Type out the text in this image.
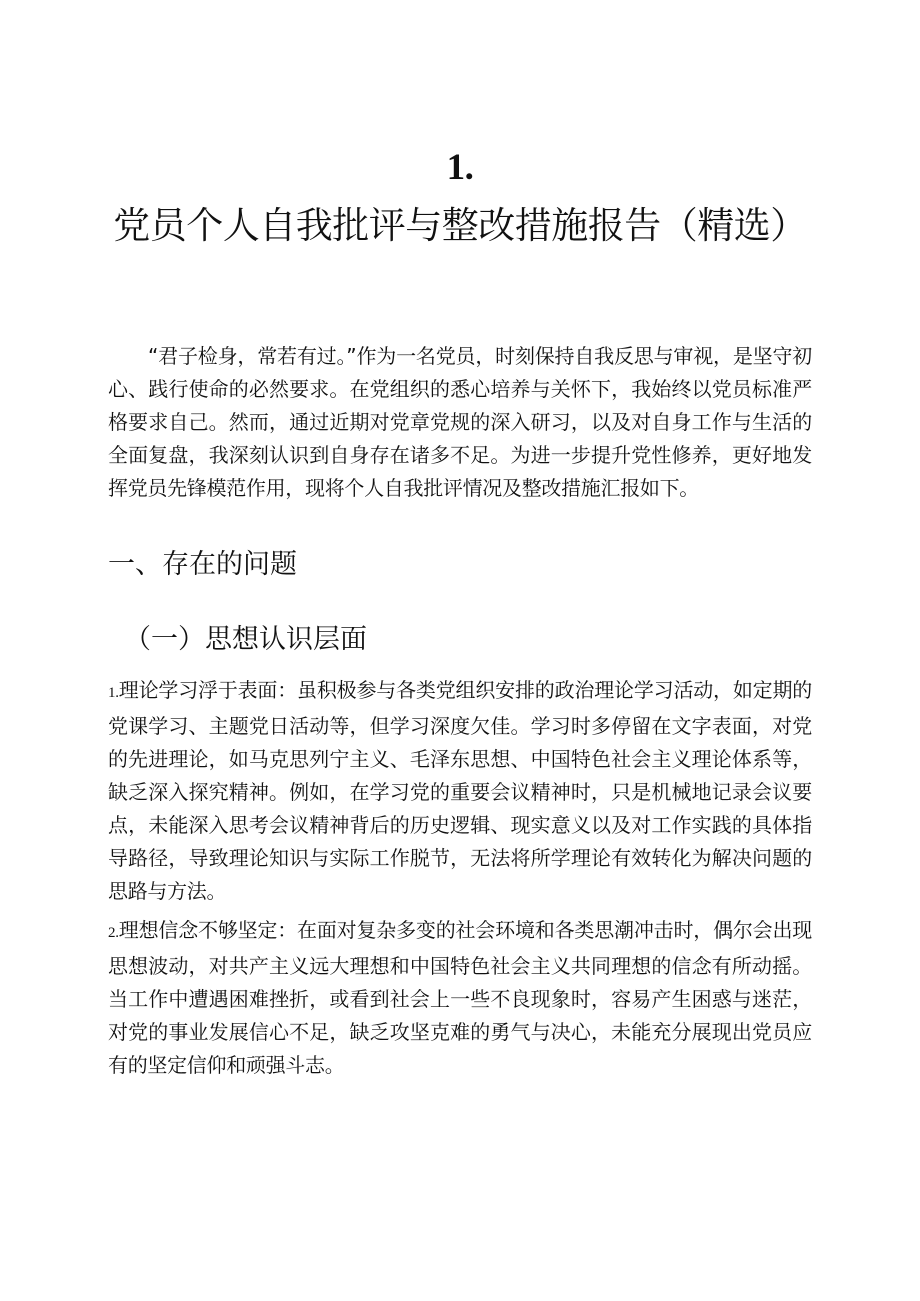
1.党员个人自我批评与整改措施报告（精选）

“君子检身，常若有过。”作为一名党员，时刻保持自我反思与审视，是坚守初心、践行使命的必然要求。在党组织的悉心培养与关怀下，我始终以党员标准严格要求自己。然而，通过近期对党章党规的深入研习，以及对自身工作与生活的全面复盘，我深刻认识到自身存在诸多不足。为进一步提升党性修养，更好地发挥党员先锋模范作用，现将个人自我批评情况及整改措施汇报如下。

一、存在的问题
（一）思想认识层面

1.理论学习浮于表面：虽积极参与各类党组织安排的政治理论学习活动，如定期的党课学习、主题党日活动等，但学习深度欠佳。学习时多停留在文字表面，对党的先进理论，如马克思列宁主义、毛泽东思想、中国特色社会主义理论体系等，缺乏深入探究精神。例如，在学习党的重要会议精神时，只是机械地记录会议要点，未能深入思考会议精神背后的历史逻辑、现实意义以及对工作实践的具体指导路径，导致理论知识与实际工作脱节，无法将所学理论有效转化为解决问题的思路与方法。

2.理想信念不够坚定：在面对复杂多变的社会环境和各类思潮冲击时，偶尔会出现思想波动，对共产主义远大理想和中国特色社会主义共同理想的信念有所动摇。当工作中遭遇困难挫折，或看到社会上一些不良现象时，容易产生困惑与迷茫，对党的事业发展信心不足，缺乏攻坚克难的勇气与决心，未能充分展现出党员应有的坚定信仰和顽强斗志。
